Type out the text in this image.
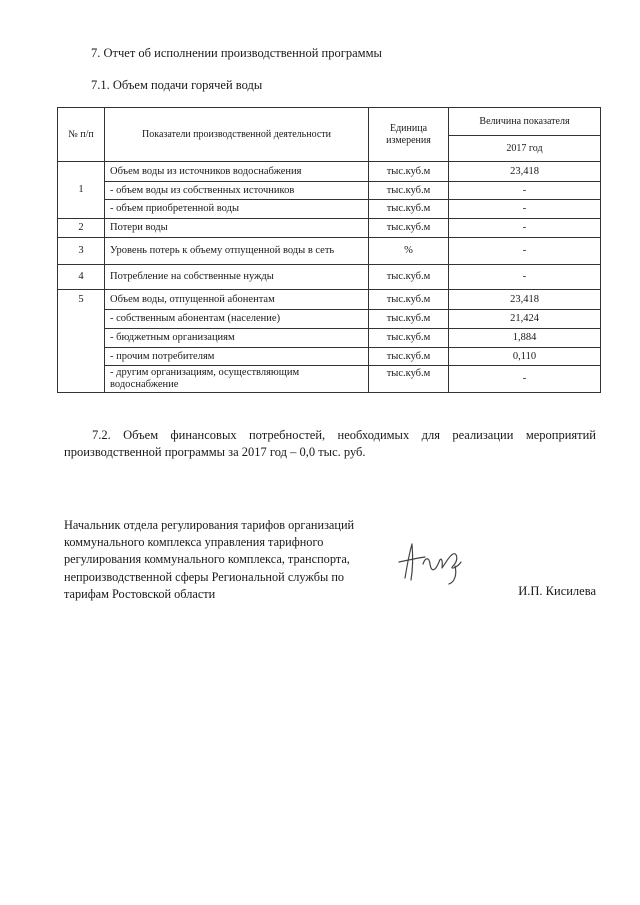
7. Отчет об исполнении производственной программы
7.1. Объем подачи горячей воды
№ п/п	Показатели производственной деятельности	Единица измерения	Величина показателя
			2017 год
1	Объем воды из источников водоснабжения	тыс.куб.м	23,418
	- объем воды из собственных источников	тыс.куб.м	-
	- объем приобретенной воды	тыс.куб.м	-
2	Потери воды	тыс.куб.м	-
3	Уровень потерь к объему отпущенной воды в сеть	%	-
4	Потребление на собственные нужды	тыс.куб.м	-
5	Объем воды, отпущенной абонентам	тыс.куб.м	23,418
	- собственным абонентам (население)	тыс.куб.м	21,424
	- бюджетным организациям	тыс.куб.м	1,884
	- прочим потребителям	тыс.куб.м	0,110
	- другим организациям, осуществляющим водоснабжение	тыс.куб.м	-
7.2. Объем финансовых потребностей, необходимых для реализации мероприятий производственной программы за 2017 год – 0,0 тыс. руб.
Начальник отдела регулирования тарифов организаций коммунального комплекса управления тарифного регулирования коммунального комплекса, транспорта, непроизводственной сферы Региональной службы по тарифам Ростовской области	И.П. Кисилева
